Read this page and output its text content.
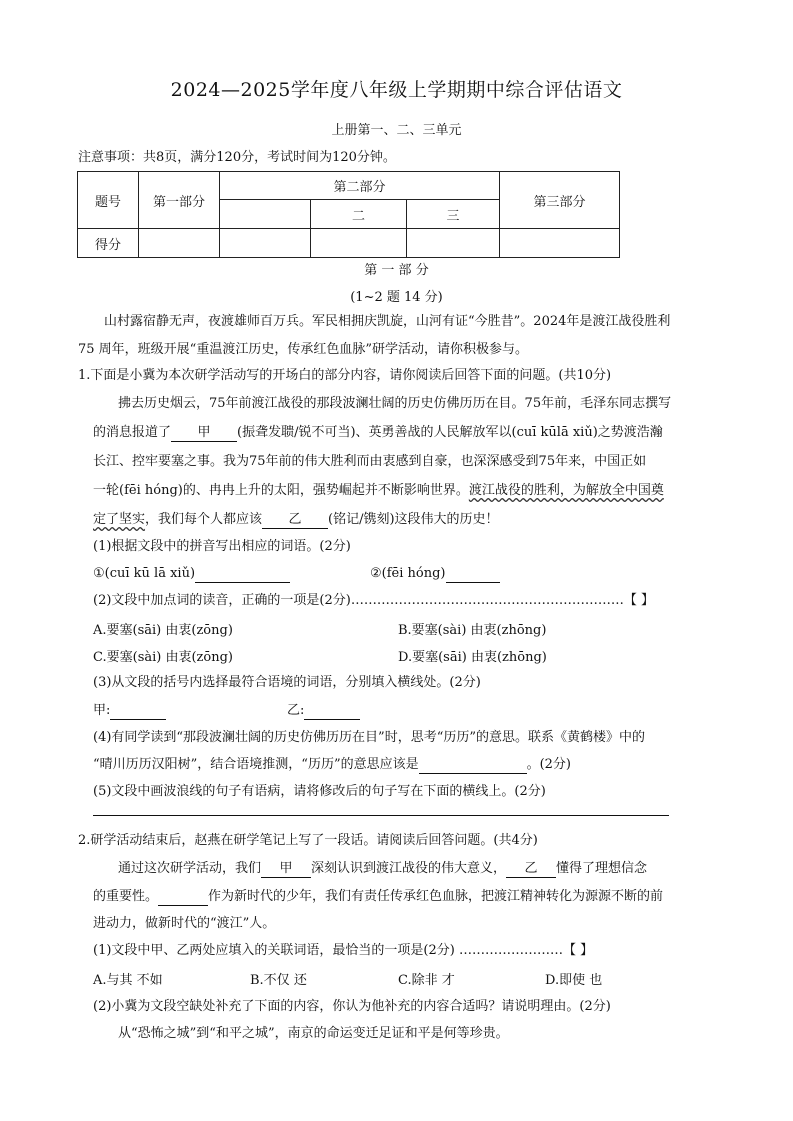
2024—2025学年度八年级上学期期中综合评估语文
上册第一、二、三单元
注意事项：共8页，满分120分，考试时间为120分钟。
题号	第一部分	第二部分			第三部分
			二	三	
得分					
第 一 部 分
(1~2 题 14 分)
山村露宿静无声，夜渡雄师百万兵。军民相拥庆凯旋，山河有证“今胜昔”。2024年是渡江战役胜利
75 周年，班级开展“重温渡江历史，传承红色血脉”研学活动，请你积极参与。
1.下面是小冀为本次研学活动写的开场白的部分内容，请你阅读后回答下面的问题。(共10分)
拂去历史烟云，75年前渡江战役的那段波澜壮阔的历史仿佛历历在目。75年前，毛泽东同志撰写
的消息报道了 甲 (振聋发聩/锐不可当)、英勇善战的人民解放军以(cuī kūlā xiǔ)之势渡浩瀚
长江、控牢要塞之事。我为75年前的伟大胜利而由衷感到自豪，也深深感受到75年来，中国正如
一轮(fēi hóng)的、冉冉上升的太阳，强势崛起并不断影响世界。渡江战役的胜利，为解放全中国奠
定了坚实，我们每个人都应该 乙 (铭记/镌刻)这段伟大的历史！
(1)根据文段中的拼音写出相应的词语。(2分)
①(cuī kū lā xiǔ)	②(fēi hóng)
(2)文段中加点词的读音，正确的一项是(2分)………………………………………………………【 】
A.要塞(sāi) 由衷(zōng)	B.要塞(sài) 由衷(zhōng)
C.要塞(sài) 由衷(zōng)	D.要塞(sāi) 由衷(zhōng)
(3)从文段的括号内选择最符合语境的词语，分别填入横线处。(2分)
甲:	乙:
(4)有同学读到“那段波澜壮阔的历史仿佛历历在目”时，思考“历历”的意思。联系《黄鹤楼》中的
“晴川历历汉阳树”，结合语境推测，“历历”的意思应该是	。(2分)
(5)文段中画波浪线的句子有语病，请将修改后的句子写在下面的横线上。(2分)
2.研学活动结束后，赵燕在研学笔记上写了一段话。请阅读后回答问题。(共4分)
通过这次研学活动，我们 甲 深刻认识到渡江战役的伟大意义， 乙 懂得了理想信念
的重要性。	作为新时代的少年，我们有责任传承红色血脉，把渡江精神转化为源源不断的前
进动力，做新时代的“渡江”人。
(1)文段中甲、乙两处应填入的关联词语，最恰当的一项是(2分) ……………………【 】
A.与其 不如	B.不仅 还	C.除非 才	D.即使 也
(2)小冀为文段空缺处补充了下面的内容，你认为他补充的内容合适吗？请说明理由。(2分)
从“恐怖之城”到“和平之城”，南京的命运变迁足证和平是何等珍贵。
